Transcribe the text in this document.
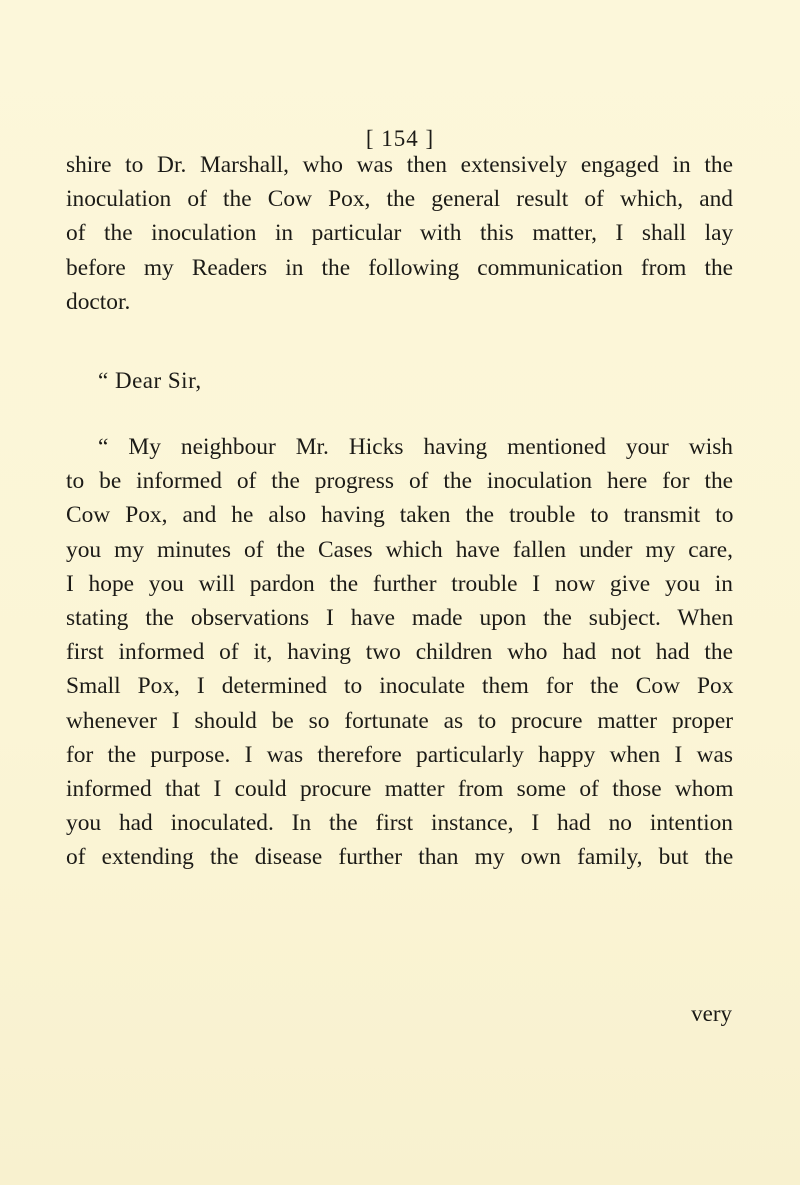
[ 154 ]
shire to Dr. Marshall, who was then extensively engaged in the
inoculation of the Cow Pox, the general result of which, and
of the inoculation in particular with this matter, I shall lay
before my Readers in the following communication from the
doctor.
“ Dear Sir,
“ My neighbour Mr. Hicks having mentioned your wish
to be informed of the progress of the inoculation here for the
Cow Pox, and he also having taken the trouble to transmit to
you my minutes of the Cases which have fallen under my care,
I hope you will pardon the further trouble I now give you in
stating the observations I have made upon the subject. When
first informed of it, having two children who had not had the
Small Pox, I determined to inoculate them for the Cow Pox
whenever I should be so fortunate as to procure matter proper
for the purpose. I was therefore particularly happy when I was
informed that I could procure matter from some of those whom
you had inoculated. In the first instance, I had no intention
of extending the disease further than my own family, but the
very
